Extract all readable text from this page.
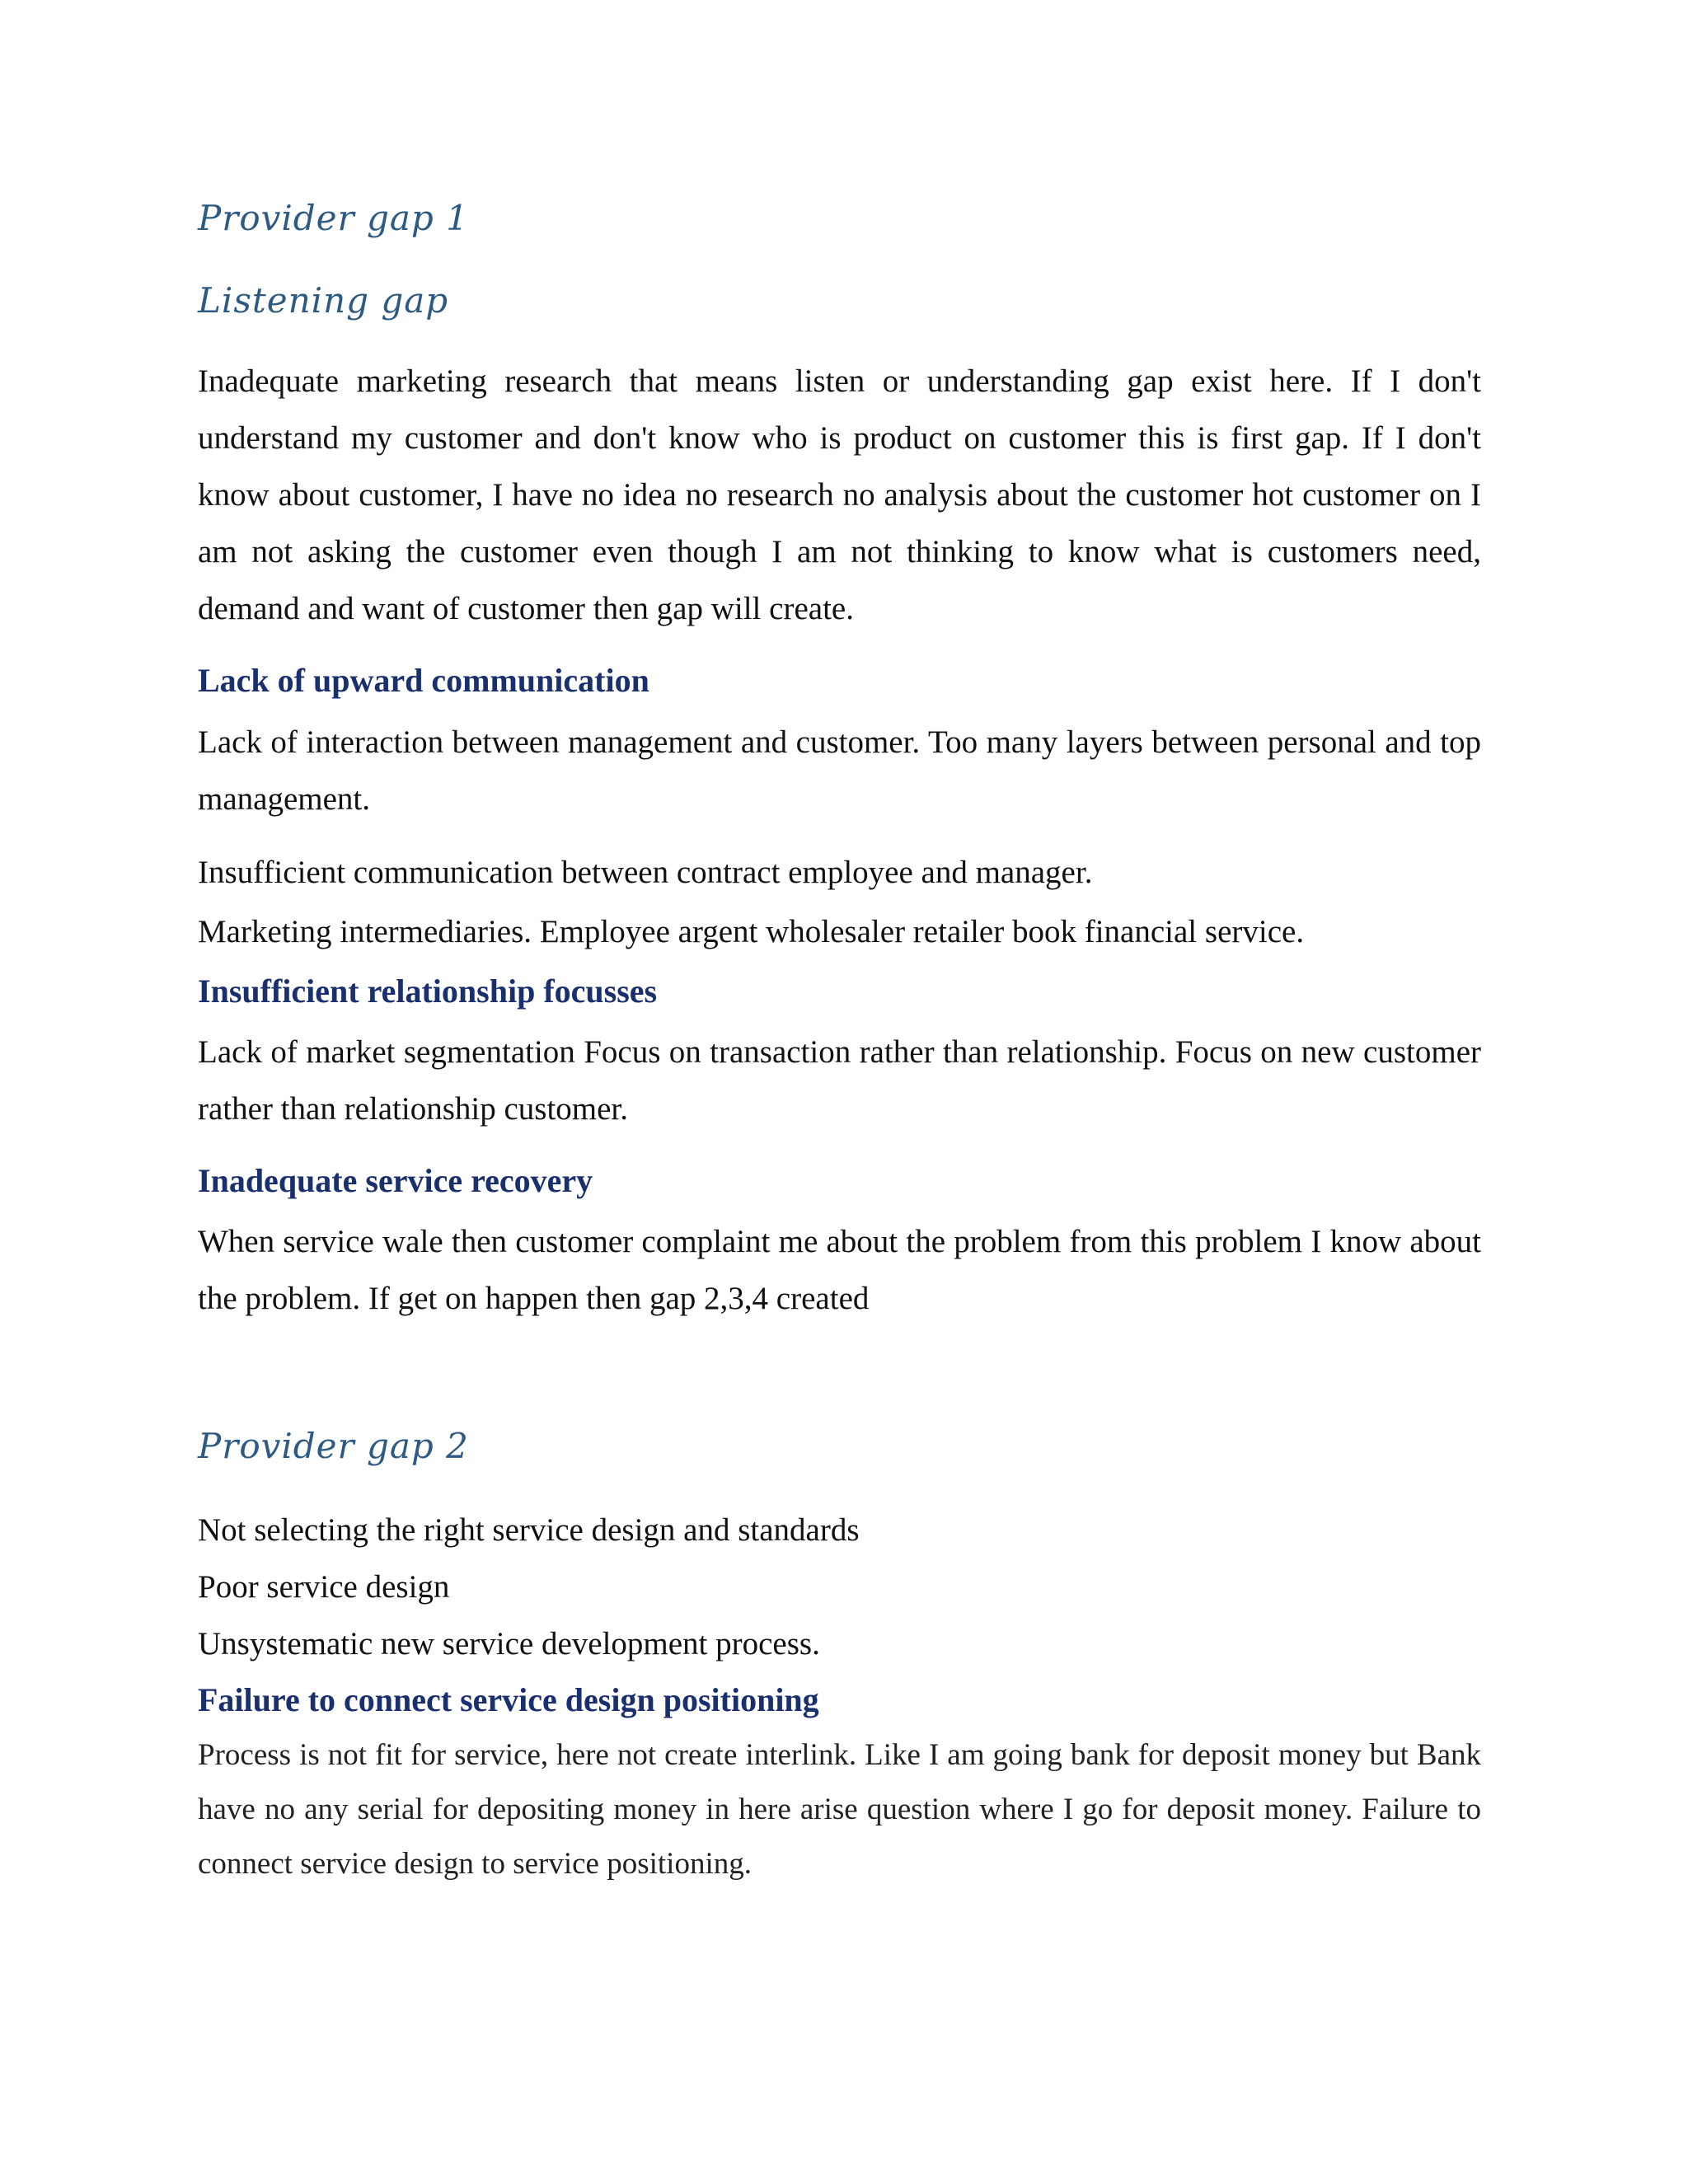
Provider gap 1
Listening gap

Inadequate marketing research that means listen or understanding gap exist here. If I don't understand my customer and don't know who is product on customer this is first gap. If I don't know about customer, I have no idea no research no analysis about the customer hot customer on I am not asking the customer even though I am not thinking to know what is customers need, demand and want of customer then gap will create.

Lack of upward communication

Lack of interaction between management and customer. Too many layers between personal and top management.

Insufficient communication between contract employee and manager.

Marketing intermediaries. Employee argent wholesaler retailer book financial service.

Insufficient relationship focusses

Lack of market segmentation Focus on transaction rather than relationship. Focus on new customer rather than relationship customer.

Inadequate service recovery

When service wale then customer complaint me about the problem from this problem I know about the problem. If get on happen then gap 2,3,4 created

Provider gap 2

Not selecting the right service design and standards

Poor service design

Unsystematic new service development process.

Failure to connect service design positioning

Process is not fit for service, here not create interlink. Like I am going bank for deposit money but Bank have no any serial for depositing money in here arise question where I go for deposit money. Failure to connect service design to service positioning.
